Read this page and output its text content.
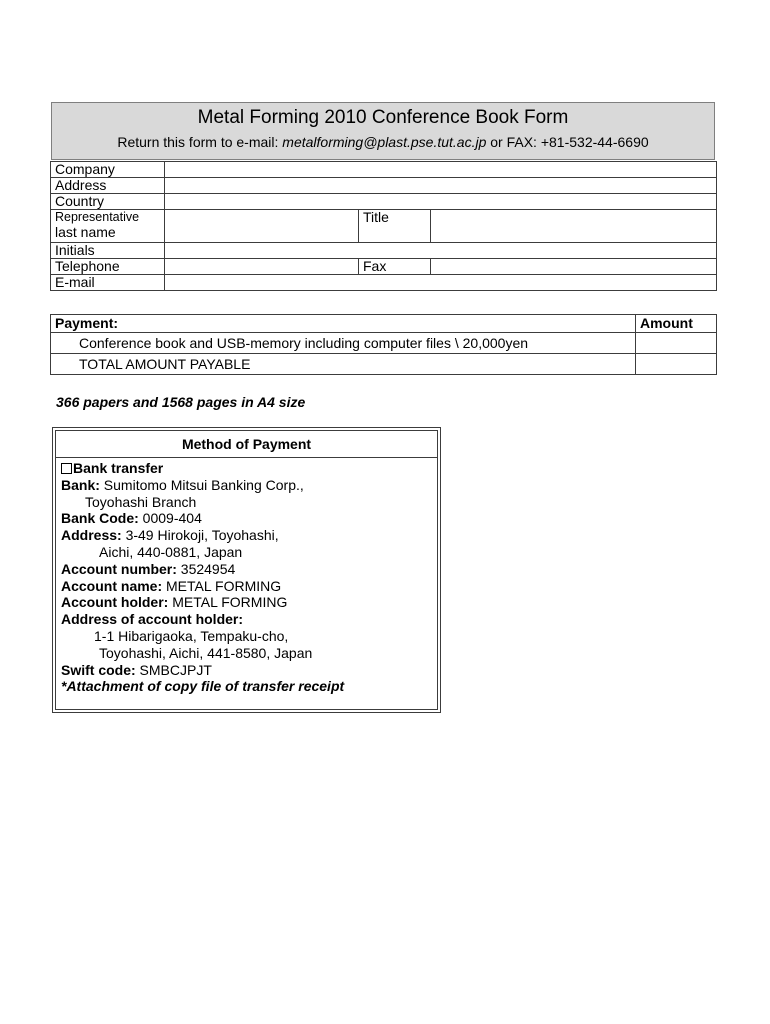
Metal Forming 2010 Conference Book Form
Return this form to e-mail: metalforming@plast.pse.tut.ac.jp or FAX: +81-532-44-6690
Company			
Address			
Country			

Representative
last name		Title	
Initials			
Telephone		Fax	
E-mail			
Payment:	Amount
Conference book and USB-memory including computer files \ 20,000yen	
TOTAL AMOUNT PAYABLE	
366 papers and 1568 pages in A4 size
Method of Payment
Bank transfer
Bank: Sumitomo Mitsui Banking Corp.,
Toyohashi Branch
Bank Code: 0009-404
Address: 3-49 Hirokoji, Toyohashi,
Aichi, 440-0881, Japan
Account number: 3524954
Account name: METAL FORMING
Account holder: METAL FORMING
Address of account holder:
1-1 Hibarigaoka, Tempaku-cho,
Toyohashi, Aichi, 441-8580, Japan
Swift code: SMBCJPJT
*Attachment of copy file of transfer receipt
